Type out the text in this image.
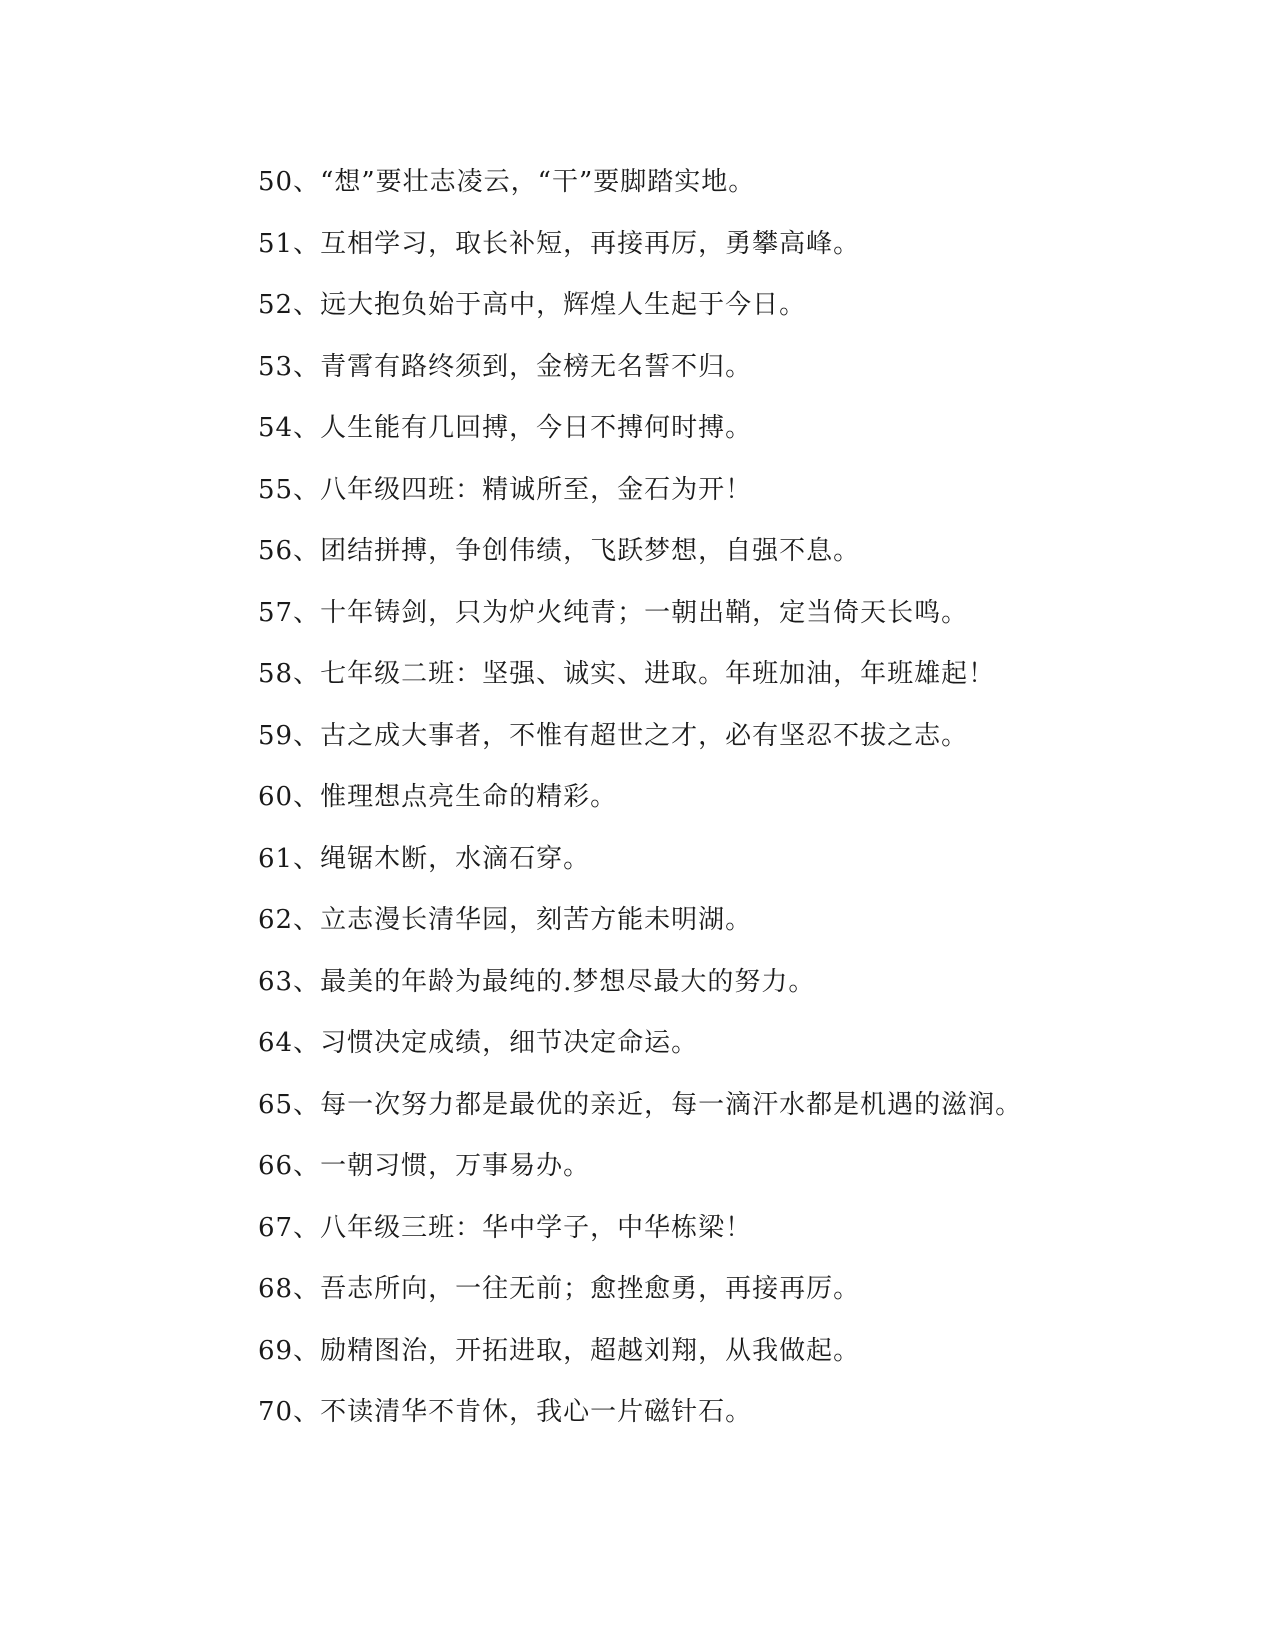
50、“想”要壮志凌云，“干”要脚踏实地。
51、互相学习，取长补短，再接再厉，勇攀高峰。
52、远大抱负始于高中，辉煌人生起于今日。
53、青霄有路终须到，金榜无名誓不归。
54、人生能有几回搏，今日不搏何时搏。
55、八年级四班：精诚所至，金石为开！
56、团结拼搏，争创伟绩，飞跃梦想，自强不息。
57、十年铸剑，只为炉火纯青；一朝出鞘，定当倚天长鸣。
58、七年级二班：坚强、诚实、进取。年班加油，年班雄起！
59、古之成大事者，不惟有超世之才，必有坚忍不拔之志。
60、惟理想点亮生命的精彩。
61、绳锯木断，水滴石穿。
62、立志漫长清华园，刻苦方能未明湖。
63、最美的年龄为最纯的.梦想尽最大的努力。
64、习惯决定成绩，细节决定命运。
65、每一次努力都是最优的亲近，每一滴汗水都是机遇的滋润。
66、一朝习惯，万事易办。
67、八年级三班：华中学子，中华栋梁！
68、吾志所向，一往无前；愈挫愈勇，再接再厉。
69、励精图治，开拓进取，超越刘翔，从我做起。
70、不读清华不肯休，我心一片磁针石。
